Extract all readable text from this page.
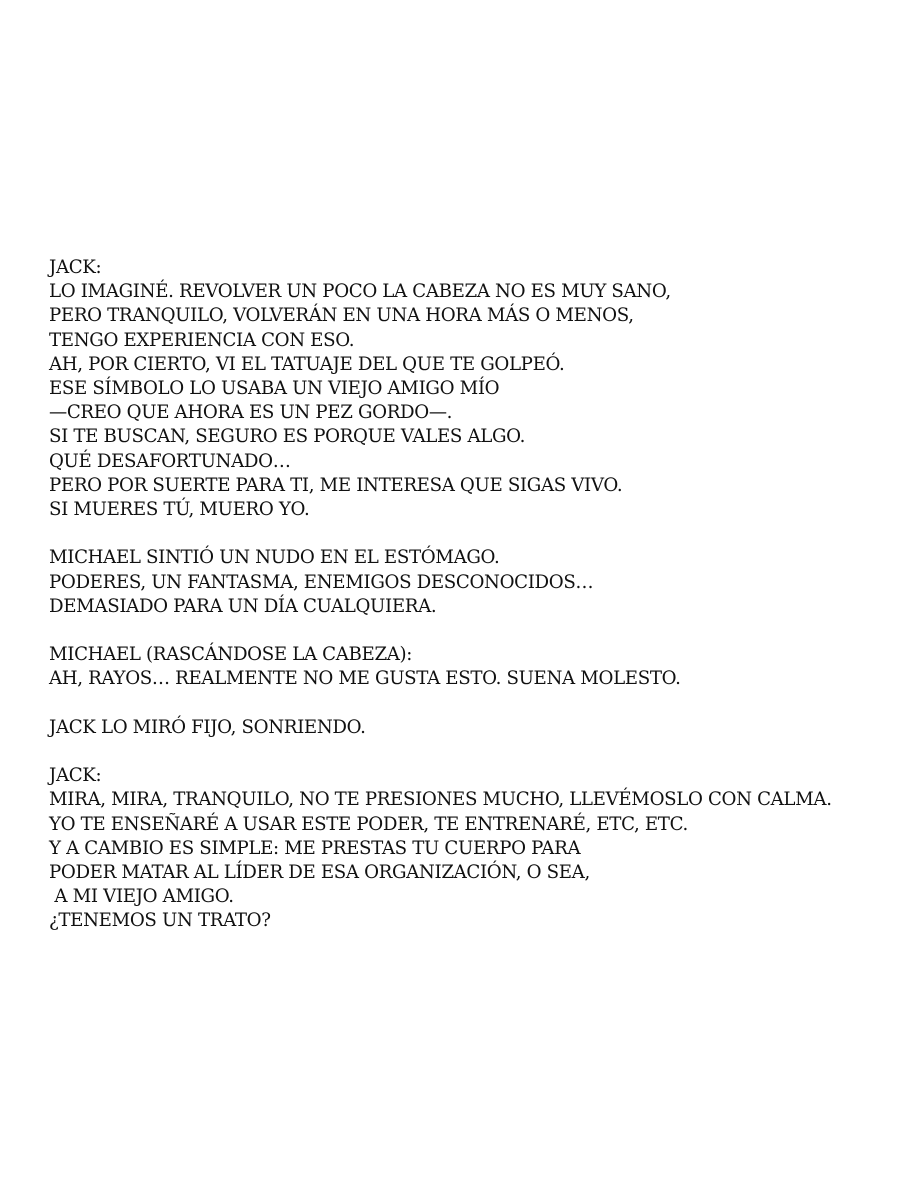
JACK:
LO IMAGINÉ. REVOLVER UN POCO LA CABEZA NO ES MUY SANO,
PERO TRANQUILO, VOLVERÁN EN UNA HORA MÁS O MENOS,
TENGO EXPERIENCIA CON ESO.
AH, POR CIERTO, VI EL TATUAJE DEL QUE TE GOLPEÓ.
ESE SÍMBOLO LO USABA UN VIEJO AMIGO MÍO
—CREO QUE AHORA ES UN PEZ GORDO—.
SI TE BUSCAN, SEGURO ES PORQUE VALES ALGO.
QUÉ DESAFORTUNADO…
PERO POR SUERTE PARA TI, ME INTERESA QUE SIGAS VIVO.
SI MUERES TÚ, MUERO YO.
MICHAEL SINTIÓ UN NUDO EN EL ESTÓMAGO.
PODERES, UN FANTASMA, ENEMIGOS DESCONOCIDOS…
DEMASIADO PARA UN DÍA CUALQUIERA.
MICHAEL (RASCÁNDOSE LA CABEZA):
AH, RAYOS… REALMENTE NO ME GUSTA ESTO. SUENA MOLESTO.
JACK LO MIRÓ FIJO, SONRIENDO.
JACK:
MIRA, MIRA, TRANQUILO, NO TE PRESIONES MUCHO, LLEVÉMOSLO CON CALMA.
YO TE ENSEÑARÉ A USAR ESTE PODER, TE ENTRENARÉ, ETC, ETC.
Y A CAMBIO ES SIMPLE: ME PRESTAS TU CUERPO PARA
PODER MATAR AL LÍDER DE ESA ORGANIZACIÓN, O SEA,
A MI VIEJO AMIGO.
¿TENEMOS UN TRATO?
